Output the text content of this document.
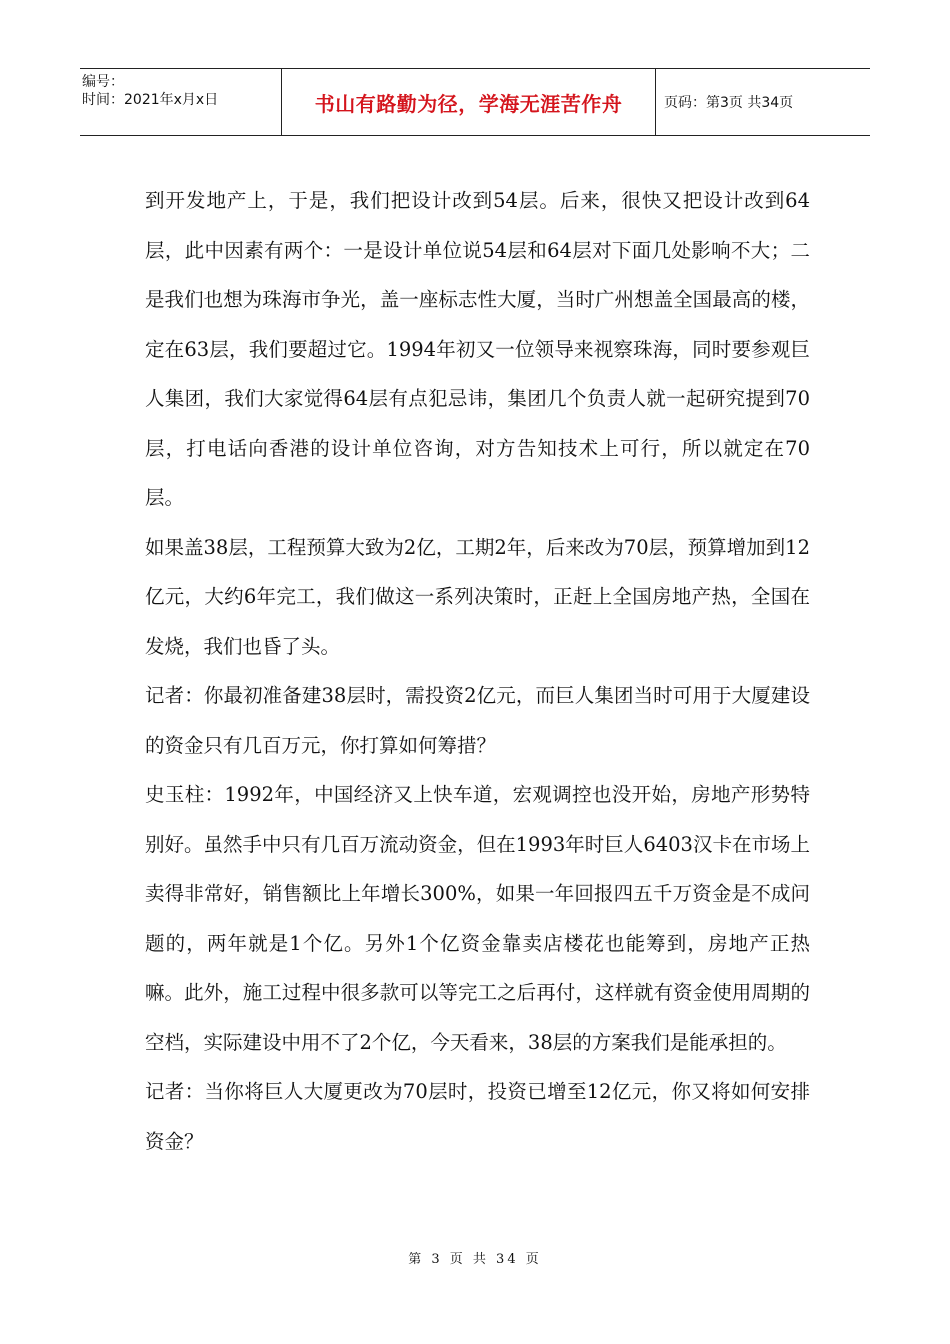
编号：
时间：2021年x月x日	书山有路勤为径，学海无涯苦作舟	页码：第3页 共34页

到开发地产上，于是，我们把设计改到54层。后来，很快又把设计改到64层，此中因素有两个：一是设计单位说54层和64层对下面几处影响不大；二是我们也想为珠海市争光，盖一座标志性大厦，当时广州想盖全国最高的楼，定在63层，我们要超过它。1994年初又一位领导来视察珠海，同时要参观巨人集团，我们大家觉得64层有点犯忌讳，集团几个负责人就一起研究提到70层，打电话向香港的设计单位咨询，对方告知技术上可行，所以就定在70层。

如果盖38层，工程预算大致为2亿，工期2年，后来改为70层，预算增加到12亿元，大约6年完工，我们做这一系列决策时，正赶上全国房地产热，全国在发烧，我们也昏了头。

记者：你最初准备建38层时，需投资2亿元，而巨人集团当时可用于大厦建设的资金只有几百万元，你打算如何筹措？

史玉柱：1992年，中国经济又上快车道，宏观调控也没开始，房地产形势特别好。虽然手中只有几百万流动资金，但在1993年时巨人6403汉卡在市场上卖得非常好，销售额比上年增长300%，如果一年回报四五千万资金是不成问题的，两年就是1个亿。另外1个亿资金靠卖店楼花也能筹到，房地产正热嘛。此外，施工过程中很多款可以等完工之后再付，这样就有资金使用周期的空档，实际建设中用不了2个亿，今天看来，38层的方案我们是能承担的。

记者：当你将巨人大厦更改为70层时，投资已增至12亿元，你又将如何安排资金？

第 3 页 共 34 页
